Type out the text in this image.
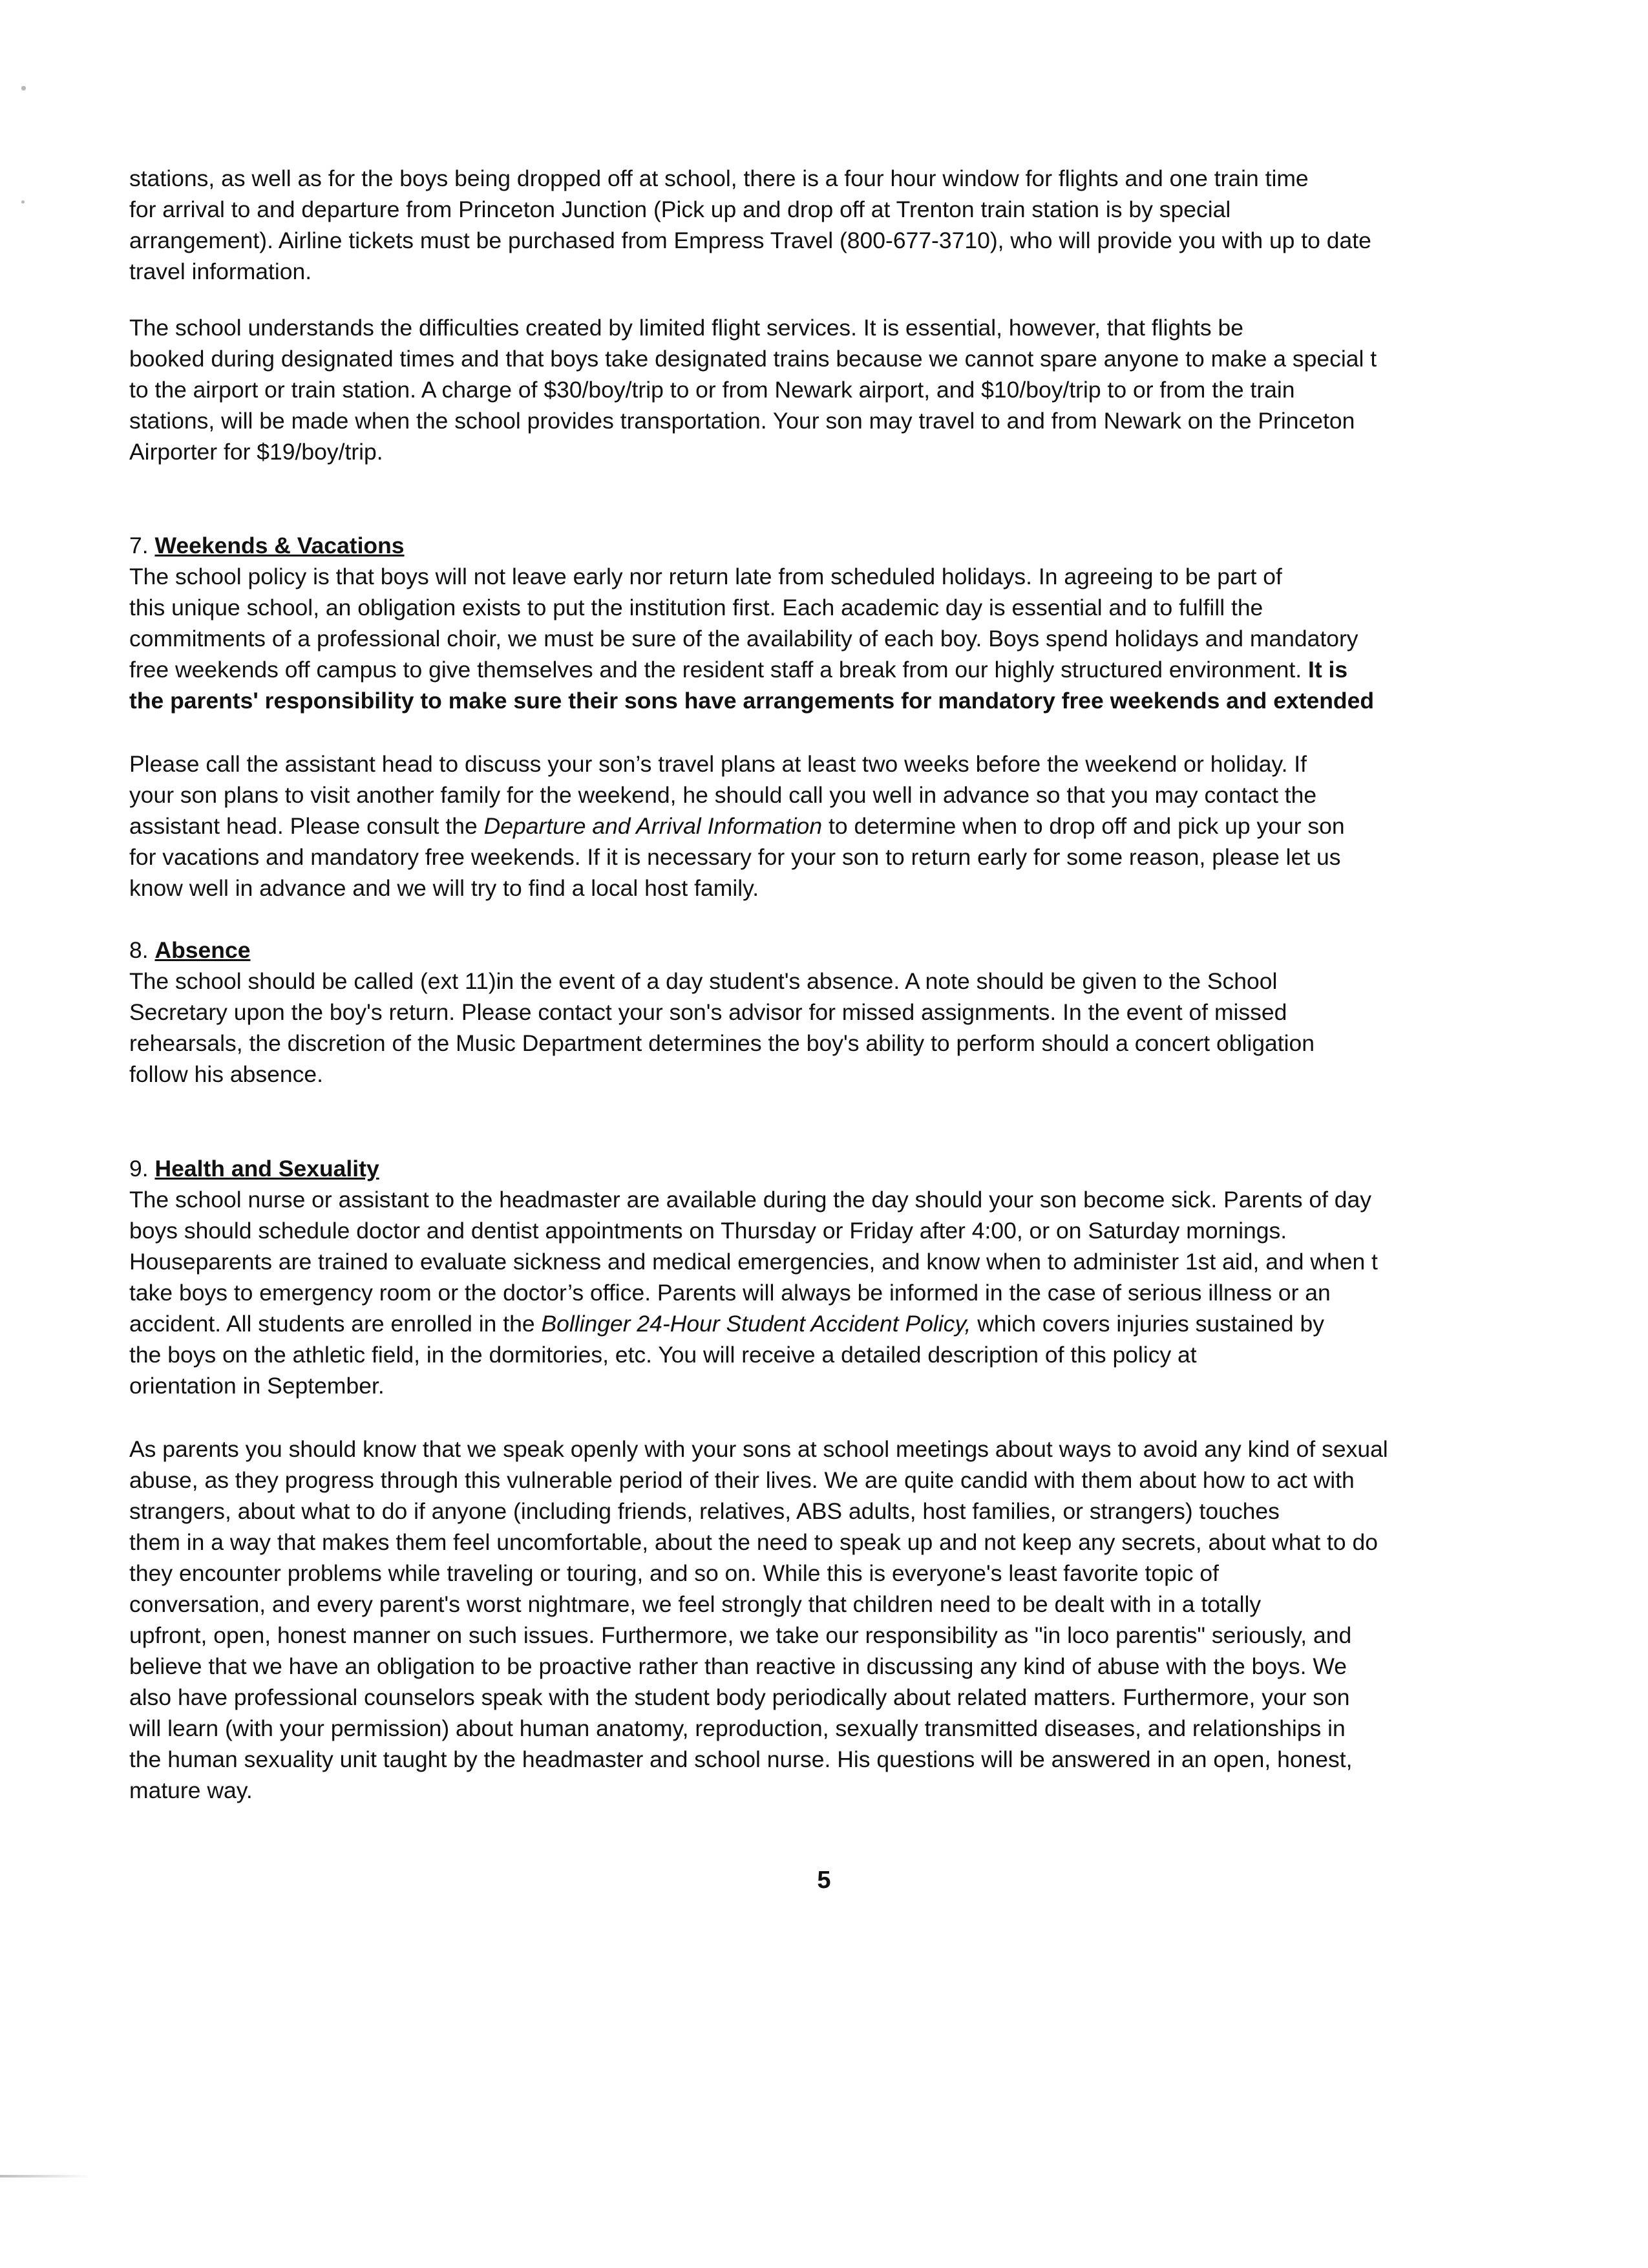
stations, as well as for the boys being dropped off at school, there is a four hour window for flights and one train time
for arrival to and departure from Princeton Junction (Pick up and drop off at Trenton train station is by special
arrangement). Airline tickets must be purchased from Empress Travel (800-677-3710), who will provide you with up to date
travel information.
The school understands the difficulties created by limited flight services. It is essential, however, that flights be
booked during designated times and that boys take designated trains because we cannot spare anyone to make a special t
to the airport or train station. A charge of $30/boy/trip to or from Newark airport, and $10/boy/trip to or from the train
stations, will be made when the school provides transportation. Your son may travel to and from Newark on the Princeton
Airporter for $19/boy/trip.
7. Weekends & Vacations
The school policy is that boys will not leave early nor return late from scheduled holidays. In agreeing to be part of
this unique school, an obligation exists to put the institution first. Each academic day is essential and to fulfill the
commitments of a professional choir, we must be sure of the availability of each boy. Boys spend holidays and mandatory
free weekends off campus to give themselves and the resident staff a break from our highly structured environment. It is
the parents' responsibility to make sure their sons have arrangements for mandatory free weekends and extended
Please call the assistant head to discuss your son’s travel plans at least two weeks before the weekend or holiday. If
your son plans to visit another family for the weekend, he should call you well in advance so that you may contact the
assistant head. Please consult the Departure and Arrival Information to determine when to drop off and pick up your son
for vacations and mandatory free weekends. If it is necessary for your son to return early for some reason, please let us
know well in advance and we will try to find a local host family.
8. Absence
The school should be called (ext 11)in the event of a day student's absence. A note should be given to the School
Secretary upon the boy's return. Please contact your son's advisor for missed assignments. In the event of missed
rehearsals, the discretion of the Music Department determines the boy's ability to perform should a concert obligation
follow his absence.
9. Health and Sexuality
The school nurse or assistant to the headmaster are available during the day should your son become sick. Parents of day
boys should schedule doctor and dentist appointments on Thursday or Friday after 4:00, or on Saturday mornings.
Houseparents are trained to evaluate sickness and medical emergencies, and know when to administer 1st aid, and when t
take boys to emergency room or the doctor’s office. Parents will always be informed in the case of serious illness or an
accident. All students are enrolled in the Bollinger 24-Hour Student Accident Policy, which covers injuries sustained by
the boys on the athletic field, in the dormitories, etc. You will receive a detailed description of this policy at
orientation in September.
As parents you should know that we speak openly with your sons at school meetings about ways to avoid any kind of sexual
abuse, as they progress through this vulnerable period of their lives. We are quite candid with them about how to act with
strangers, about what to do if anyone (including friends, relatives, ABS adults, host families, or strangers) touches
them in a way that makes them feel uncomfortable, about the need to speak up and not keep any secrets, about what to do
they encounter problems while traveling or touring, and so on. While this is everyone's least favorite topic of
conversation, and every parent's worst nightmare, we feel strongly that children need to be dealt with in a totally
upfront, open, honest manner on such issues. Furthermore, we take our responsibility as "in loco parentis" seriously, and
believe that we have an obligation to be proactive rather than reactive in discussing any kind of abuse with the boys. We
also have professional counselors speak with the student body periodically about related matters. Furthermore, your son
will learn (with your permission) about human anatomy, reproduction, sexually transmitted diseases, and relationships in
the human sexuality unit taught by the headmaster and school nurse. His questions will be answered in an open, honest,
mature way.
5
